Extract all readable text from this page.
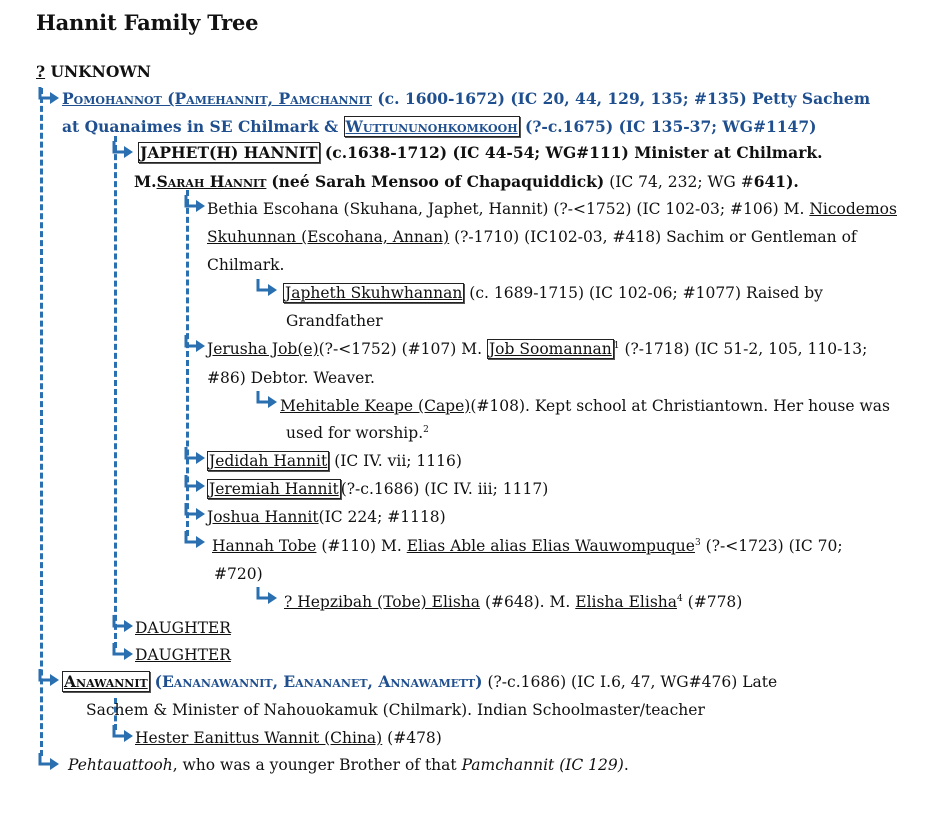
Hannit Family Tree
? UNKNOWN
Pomohannot (Pamehannit, Pamchannit (c. 1600-1672) (IC 20, 44, 129, 135; #135) Petty Sachem
at Quanaimes in SE Chilmark & Wuttununohkomkooh (?-c.1675) (IC 135-37; WG#1147)
JAPHET(H) HANNIT (c.1638-1712) (IC 44-54; WG#111) Minister at Chilmark.
M.Sarah Hannit (neé Sarah Mensoo of Chapaquiddick) (IC 74, 232; WG #641).
Bethia Escohana (Skuhana, Japhet, Hannit) (?-<1752) (IC 102-03; #106) M. Nicodemos
Skuhunnan (Escohana, Annan) (?-1710) (IC102-03, #418) Sachim or Gentleman of
Chilmark.
Japheth Skuhwhannan (c. 1689-1715) (IC 102-06; #1077) Raised by
Grandfather
Jerusha Job(e)(?-<1752) (#107) M. Job Soomannan $^1$ (?-1718) (IC 51-2, 105, 110-13;
#86) Debtor. Weaver.
Mehitable Keape (Cape)(#108). Kept school at Christiantown. Her house was
used for worship.$^2$
Jedidah Hannit (IC IV. vii; 1116)
Jeremiah Hannit (?-c.1686) (IC IV. iii; 1117)
Joshua Hannit(IC 224; #1118)
Hannah Tobe (#110) M. Elias Able alias Elias Wauwompuque$^3$ (?-<1723) (IC 70;
#720)
? Hepzibah (Tobe) Elisha (#648). M. Elisha Elisha$^4$ (#778)
DAUGHTER
DAUGHTER
Anawannit (Eananawannit, Eanananet, Annawamett) (?-c.1686) (IC I.6, 47, WG#476) Late
Sachem & Minister of Nahouokamuk (Chilmark). Indian Schoolmaster/teacher
Hester Eanittus Wannit (China) (#478)
Pehtauattooh, who was a younger Brother of that Pamchannit (IC 129).
